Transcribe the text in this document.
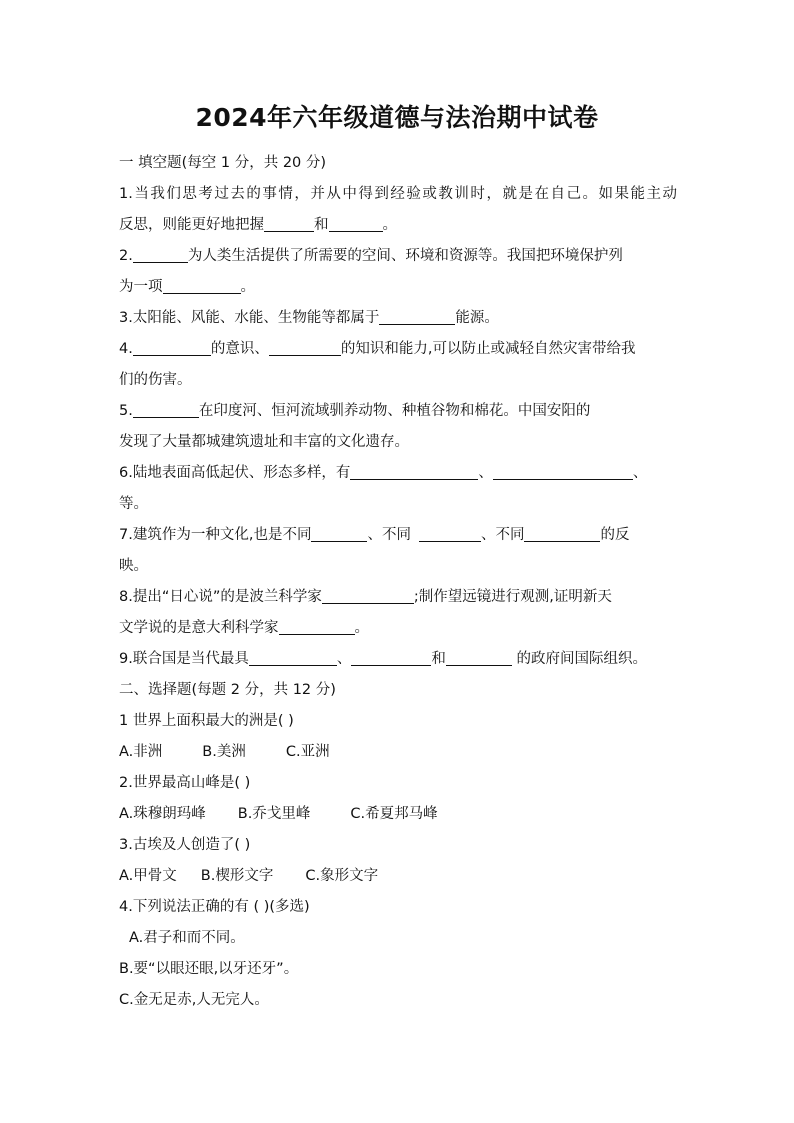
2024年六年级道德与法治期中试卷
一 填空题(每空 1 分，共 20 分)
1.当我们思考过去的事情，并从中得到经验或教训时，就是在自己。如果能主动
反思，则能更好地把握	和	。
2.	为人类生活提供了所需要的空间、环境和资源等。我国把环境保护列
为一项	。
3.太阳能、风能、水能、生物能等都属于	能源。
4.	的意识、	的知识和能力,可以防止或减轻自然灾害带给我
们的伤害。
5.	在印度河、恒河流域驯养动物、种植谷物和棉花。中国安阳的
发现了大量都城建筑遗址和丰富的文化遗存。
6.陆地表面高低起伏、形态多样，有	、	、
等。
7.建筑作为一种文化,也是不同	、不同	、不同	的反
映。
8.提出“日心说”的是波兰科学家	;制作望远镜进行观测,证明新天
文学说的是意大利科学家	。
9.联合国是当代最具	、	和	的政府间国际组织。
二、选择题(每题 2 分，共 12 分)
1 世界上面积最大的洲是( )
A.非洲	B.美洲	C.亚洲
2.世界最高山峰是( )
A.珠穆朗玛峰 B.乔戈里峰	C.希夏邦马峰
3.古埃及人创造了( )
A.甲骨文 B.楔形文字 C.象形文字
4.下列说法正确的有 ( )(多选)
A.君子和而不同。
B.要“以眼还眼,以牙还牙”。
C.金无足赤,人无完人。
